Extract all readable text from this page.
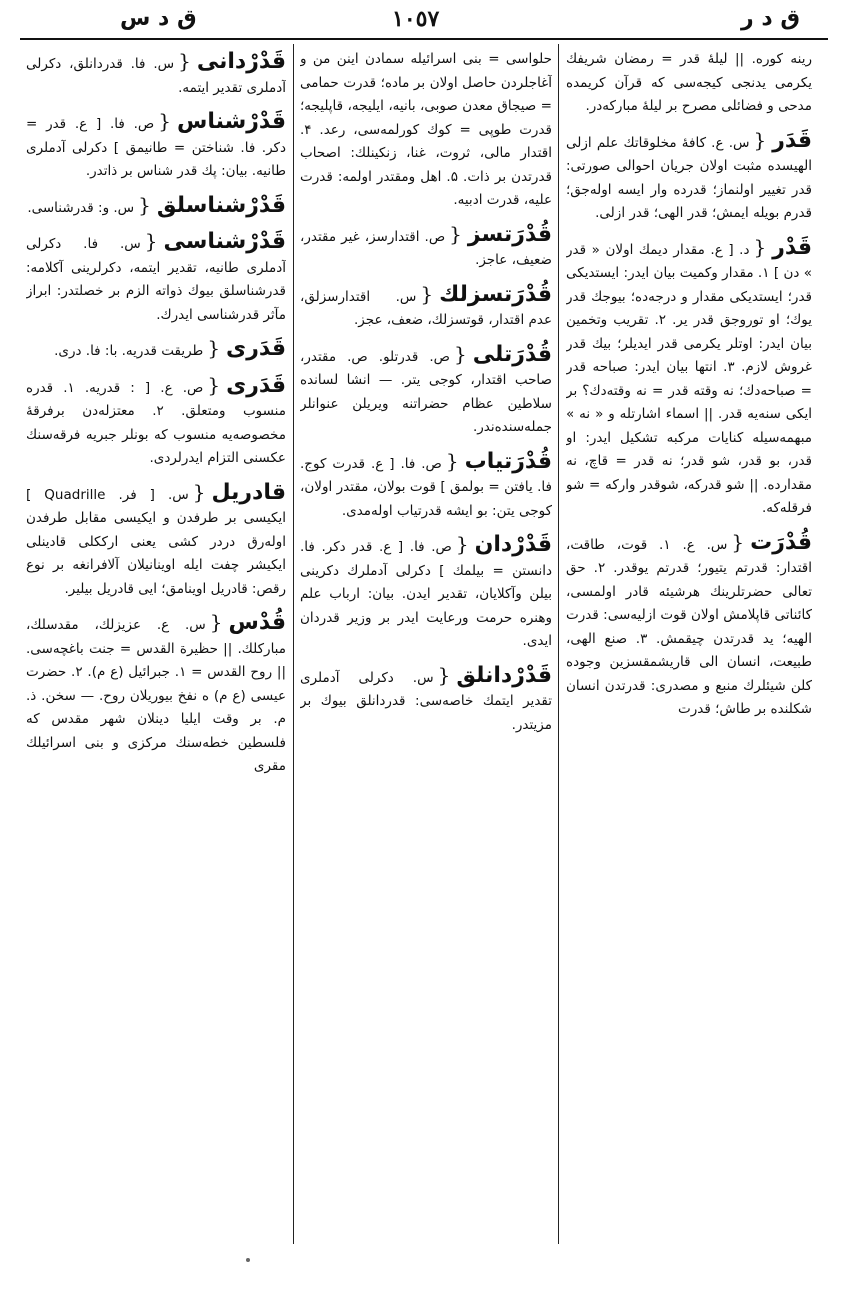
ق د س	١٠٥٧	ق د ر
رینه کوره. || لیلهٔ قدر = رمضان شریفك یکرمی یدنجی کیجه‌سی که قرآن کریمده مدحی و فضائلی مصرح بر لیلهٔ مبارکه‌در.
قَدَر{س. ع. کافهٔ مخلوقاتك علم ازلی الهیسده مثبت اولان جریان احوالی صورتی: قدر تغییر اولنماز؛ قدرده وار ایسه اوله‌جق؛ قدرم بویله ایمش؛ قدر الهی؛ قدر ازلی.
قَدْر{د. [ ع. مقدار دیمك اولان « قدر » دن ] ۱. مقدار وکمیت بیان ایدر: ایستدیکی قدر؛ ایستدیکی مقدار و درجه‌ده؛ بیوجك قدر یوك؛ او توروجق قدر یر. ۲. تقریب وتخمین بیان ایدر: اوتلر یکرمی قدر ایدیلر؛ بیك قدر غروش لازم. ۳. انتها بیان ایدر: صباحه قدر = صباحه‌دك؛ نه وقته قدر = نه وقته‌دك؟ بر ایکی سنه‌یه قدر. || اسماء اشارتله و « نه » مبهمه‌سیله کنایات مرکبه تشکیل ایدر: او قدر، بو قدر، شو قدر؛ نه قدر = قاچ، نه مقدارده. || شو قدرکه، شوقدر وارکه = شو فرقله‌که.
قُدْرَت{س. ع. ۱. قوت، طاقت، اقتدار: قدرتم یتیور؛ قدرتم یوقدر. ۲. حق تعالی حضرتلرینك هرشیئه قادر اولمسی، کائناتی قاپلامش اولان قوت ازلیه‌سی: قدرت الهیه؛ ید قدرتدن چیقمش. ۳. صنع الهی، طبیعت، انسان الی قاریشمقسزین وجوده کلن شیئلرك منبع و مصدری: قدرتدن انسان شکلنده بر طاش؛ قدرت
حلواسی = بنی اسرائیله سمادن اینن من و آغاجلردن حاصل اولان بر ماده؛ قدرت حمامی = صیجاق معدن صوبی، بانیه، ایلیجه، قاپلیجه؛ قدرت طوپی = کوك کورلمه‌سی، رعد. ۴. اقتدار مالی، ثروت، غنا، زنکینلك: اصحاب قدرتدن بر ذات. ۵. اهل ومقتدر اولمه: قدرت علیه، قدرت ادبیه.
قُدْرَتسز{ص. اقتدارسز، غیر مقتدر، ضعیف، عاجز.
قُدْرَتسزلك{س. اقتدارسزلق، عدم اقتدار، قوتسزلك، ضعف، عجز.
قُدْرَتلی{ص. قدرتلو. ص. مقتدر، صاحب اقتدار، کوجی یتر. — انشا لسانده سلاطین عظام حضراتنه ویریلن عنوانلر جمله‌سنده‌ندر.
قُدْرَتیاب{ص. فا. [ ع. قدرت کوج. فا. یافتن = بولمق ] قوت بولان، مقتدر اولان، کوجی یتن: بو ایشه قدرتیاب اوله‌مدی.
قَدْرْدان{ص. فا. [ ع. قدر دکر. فا. دانستن = بیلمك ] دکرلی آدملرك دکرینی بیلن وآکلایان، تقدیر ایدن. بیان: ارباب علم وهنره حرمت ورعایت ایدر بر وزیر قدردان ایدی.
قَدْرْدانلق{س. دکرلی آدملری تقدیر ایتمك خاصه‌سی: قدردانلق بیوك بر مزیتدر.
قَدْرْدانی{س. فا. قدردانلق، دکرلی آدملری تقدیر ایتمه.
قَدْرْشناس{ص. فا. [ ع. قدر = دکر. فا. شناختن = طانیمق ] دکرلی آدملری طانیه. بیان: پك قدر شناس بر ذاتدر.
قَدْرْشناسلق{س. و: قدرشناسی.
قَدْرْشناسی{س. فا. دکرلی آدملری طانیه، تقدیر ایتمه، دکرلرینی آکلامه: قدرشناسلق بیوك ذواته الزم بر خصلتدر: ابراز مآثر قدرشناسی ایدرك.
قَدَری{طریقت قدریه. با: فا. دری.
قَدَری{ص. ع. [ : قدریه. ۱. قدره منسوب ومتعلق. ۲. معتزله‌دن برفرقهٔ مخصوصه‌یه منسوب که بونلر جبریه فرقه‌سنك عکسنی التزام ایدرلردی.
قادریل{س. [ فر. Quadrille ] ایکیسی بر طرفدن و ایکیسی مقابل طرفدن اوله‌رق دردر کشی یعنی ارککلی قادینلی ایکیشر چفت ایله اوینانیلان آلافرانغه بر نوع رقص: قادریل اوینامق؛ ایی قادریل بیلیر.
قُدْس{س. ع. عزیزلك، مقدسلك، مبارکلك. || حظیرة القدس = جنت باغچه‌سی. || روح القدس = ۱. جبرائیل (ع م). ۲. حضرت عیسی (ع م) ه نفخ بیوریلان روح. — سخن. ذ. م. بر وقت ایلیا دینلان شهر مقدس که فلسطین خطه‌سنك مرکزی و بنی اسرائیلك مقری
